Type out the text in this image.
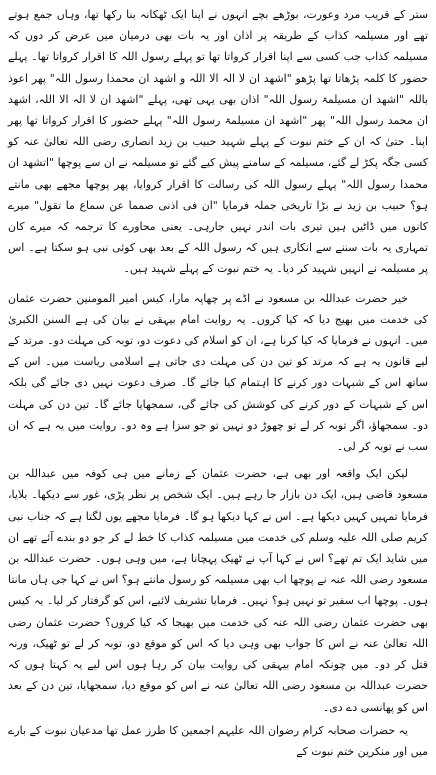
ستر کے قریب مرد وعورت، بوڑھے بچے انہوں نے اپنا ایک ٹھکانہ بنا رکھا تھا، وہاں جمع ہوتے تھے اور مسیلمہ کذاب کے طریقہ پر اذان اور یہ بات بھی درمیان میں عرض کر دوں کہ مسیلمہ کذاب جب کسی سے اپنا اقرار کرواتا تھا تو پہلے رسول اللہ کا اقرار کرواتا تھا۔ پہلے حضور کا کلمہ پڑھاتا تھا پڑھو "اشھد ان لا الہ الا اللہ و اشھد ان محمدا رسول اللہ" پھر اعوذ باللہ "اشھد ان مسیلمۃ رسول اللہ" اذان بھی یہی تھی، پہلے "اشھد ان لا الہ الا اللہ، اشھد ان محمد رسول اللہ" پھر "اشھد ان مسیلمۃ رسول اللہ" پہلے حضور کا اقرار کرواتا تھا پھر اپنا۔ حتیٰ کہ ان کے ختم نبوت کے پہلے شہید حبیب بن زید انصاری رضی اللہ تعالیٰ عنہ کو کسی جگہ پکڑ لے گئے، مسیلمہ کے سامنے پیش کیے گئے تو مسیلمہ نے ان سے پوچھا "اتشھد ان محمدا رسول اللہ" پہلے رسول اللہ کی رسالت کا اقرار کروایا، پھر پوچھا مجھے بھی مانتے ہو؟ حبیب بن زید نے بڑا تاریخی جملہ فرمایا "ان فی اذنی صمما عن سماع ما تقول" میرے کانوں میں ڈاٹیں ہیں تیری بات اندر نہیں جارہی۔ یعنی محاورے کا ترجمہ کہ میرے کان تمہاری یہ بات سننے سے انکاری ہیں کہ رسول اللہ کے بعد بھی کوئی نبی ہو سکتا ہے۔ اس پر مسیلمہ نے انہیں شہید کر دیا۔ یہ ختم نبوت کے پہلے شہید ہیں۔

خیر حضرت عبداللہ بن مسعود نے اڈے پر چھاپہ مارا، کیس امیر المومنین حضرت عثمان کی خدمت میں بھیج دیا کہ کیا کروں۔ یہ روایت امام بیہقی نے بیان کی ہے السنن الکبریٰ میں۔ انہوں نے فرمایا کہ کیا کرنا ہے، ان کو اسلام کی دعوت دو، توبہ کی مہلت دو۔ مرتد کے لیے قانون یہ ہے کہ مرتد کو تین دن کی مہلت دی جاتی ہے اسلامی ریاست میں۔ اس کے ساتھ اس کے شبہات دور کرنے کا اہتمام کیا جائے گا۔ صرف دعوت نہیں دی جائے گی بلکہ اس کے شبہات کے دور کرنے کی کوشش کی جائے گی، سمجھایا جائے گا۔ تین دن کی مہلت دو۔ سمجھاؤ، اگر توبہ کر لے تو چھوڑ دو نہیں تو جو سزا ہے وہ دو۔ روایت میں یہ ہے کہ ان سب نے توبہ کر لی۔

لیکن ایک واقعہ اور بھی ہے، حضرت عثمان کے زمانے میں ہی کوفہ میں عبداللہ بن مسعود قاضی ہیں، ایک دن بازار جا رہے ہیں۔ ایک شخص پر نظر پڑی، غور سے دیکھا۔ بلایا، فرمایا تمہیں کہیں دیکھا ہے۔ اس نے کہا دیکھا ہو گا۔ فرمایا مجھے یوں لگتا ہے کہ جناب نبی کریم صلی اللہ علیہ وسلم کی خدمت میں مسیلمہ کذاب کا خط لے کر جو دو بندے آئے تھے ان میں شاید ایک تم تھے؟ اس نے کہا آپ نے ٹھیک پہچانا ہے، میں وہی ہوں۔ حضرت عبداللہ بن مسعود رضی اللہ عنہ نے پوچھا اب بھی مسیلمہ کو رسول مانتے ہو؟ اس نے کہا جی ہاں مانتا ہوں۔ پوچھا اب سفیر تو نہیں ہو؟ نہیں۔ فرمایا تشریف لائیے، اس کو گرفتار کر لیا۔ یہ کیس بھی حضرت عثمان رضی اللہ عنہ کی خدمت میں بھیجا کہ کیا کروں؟ حضرت عثمان رضی اللہ تعالیٰ عنہ نے اس کا جواب بھی وہی دیا کہ اس کو موقع دو، توبہ کر لے تو ٹھیک، ورنہ قتل کر دو۔ میں چونکہ امام بیہقی کی روایت بیان کر رہا ہوں اس لیے یہ کہتا ہوں کہ حضرت عبداللہ بن مسعود رضی اللہ تعالیٰ عنہ نے اس کو موقع دیا، سمجھایا، تین دن کے بعد اس کو پھانسی دے دی۔

یہ حضرات صحابہ کرام رضوان اللہ علیہم اجمعین کا طرز عمل تھا مدعیان نبوت کے بارے میں اور منکرین ختم نبوت کے
